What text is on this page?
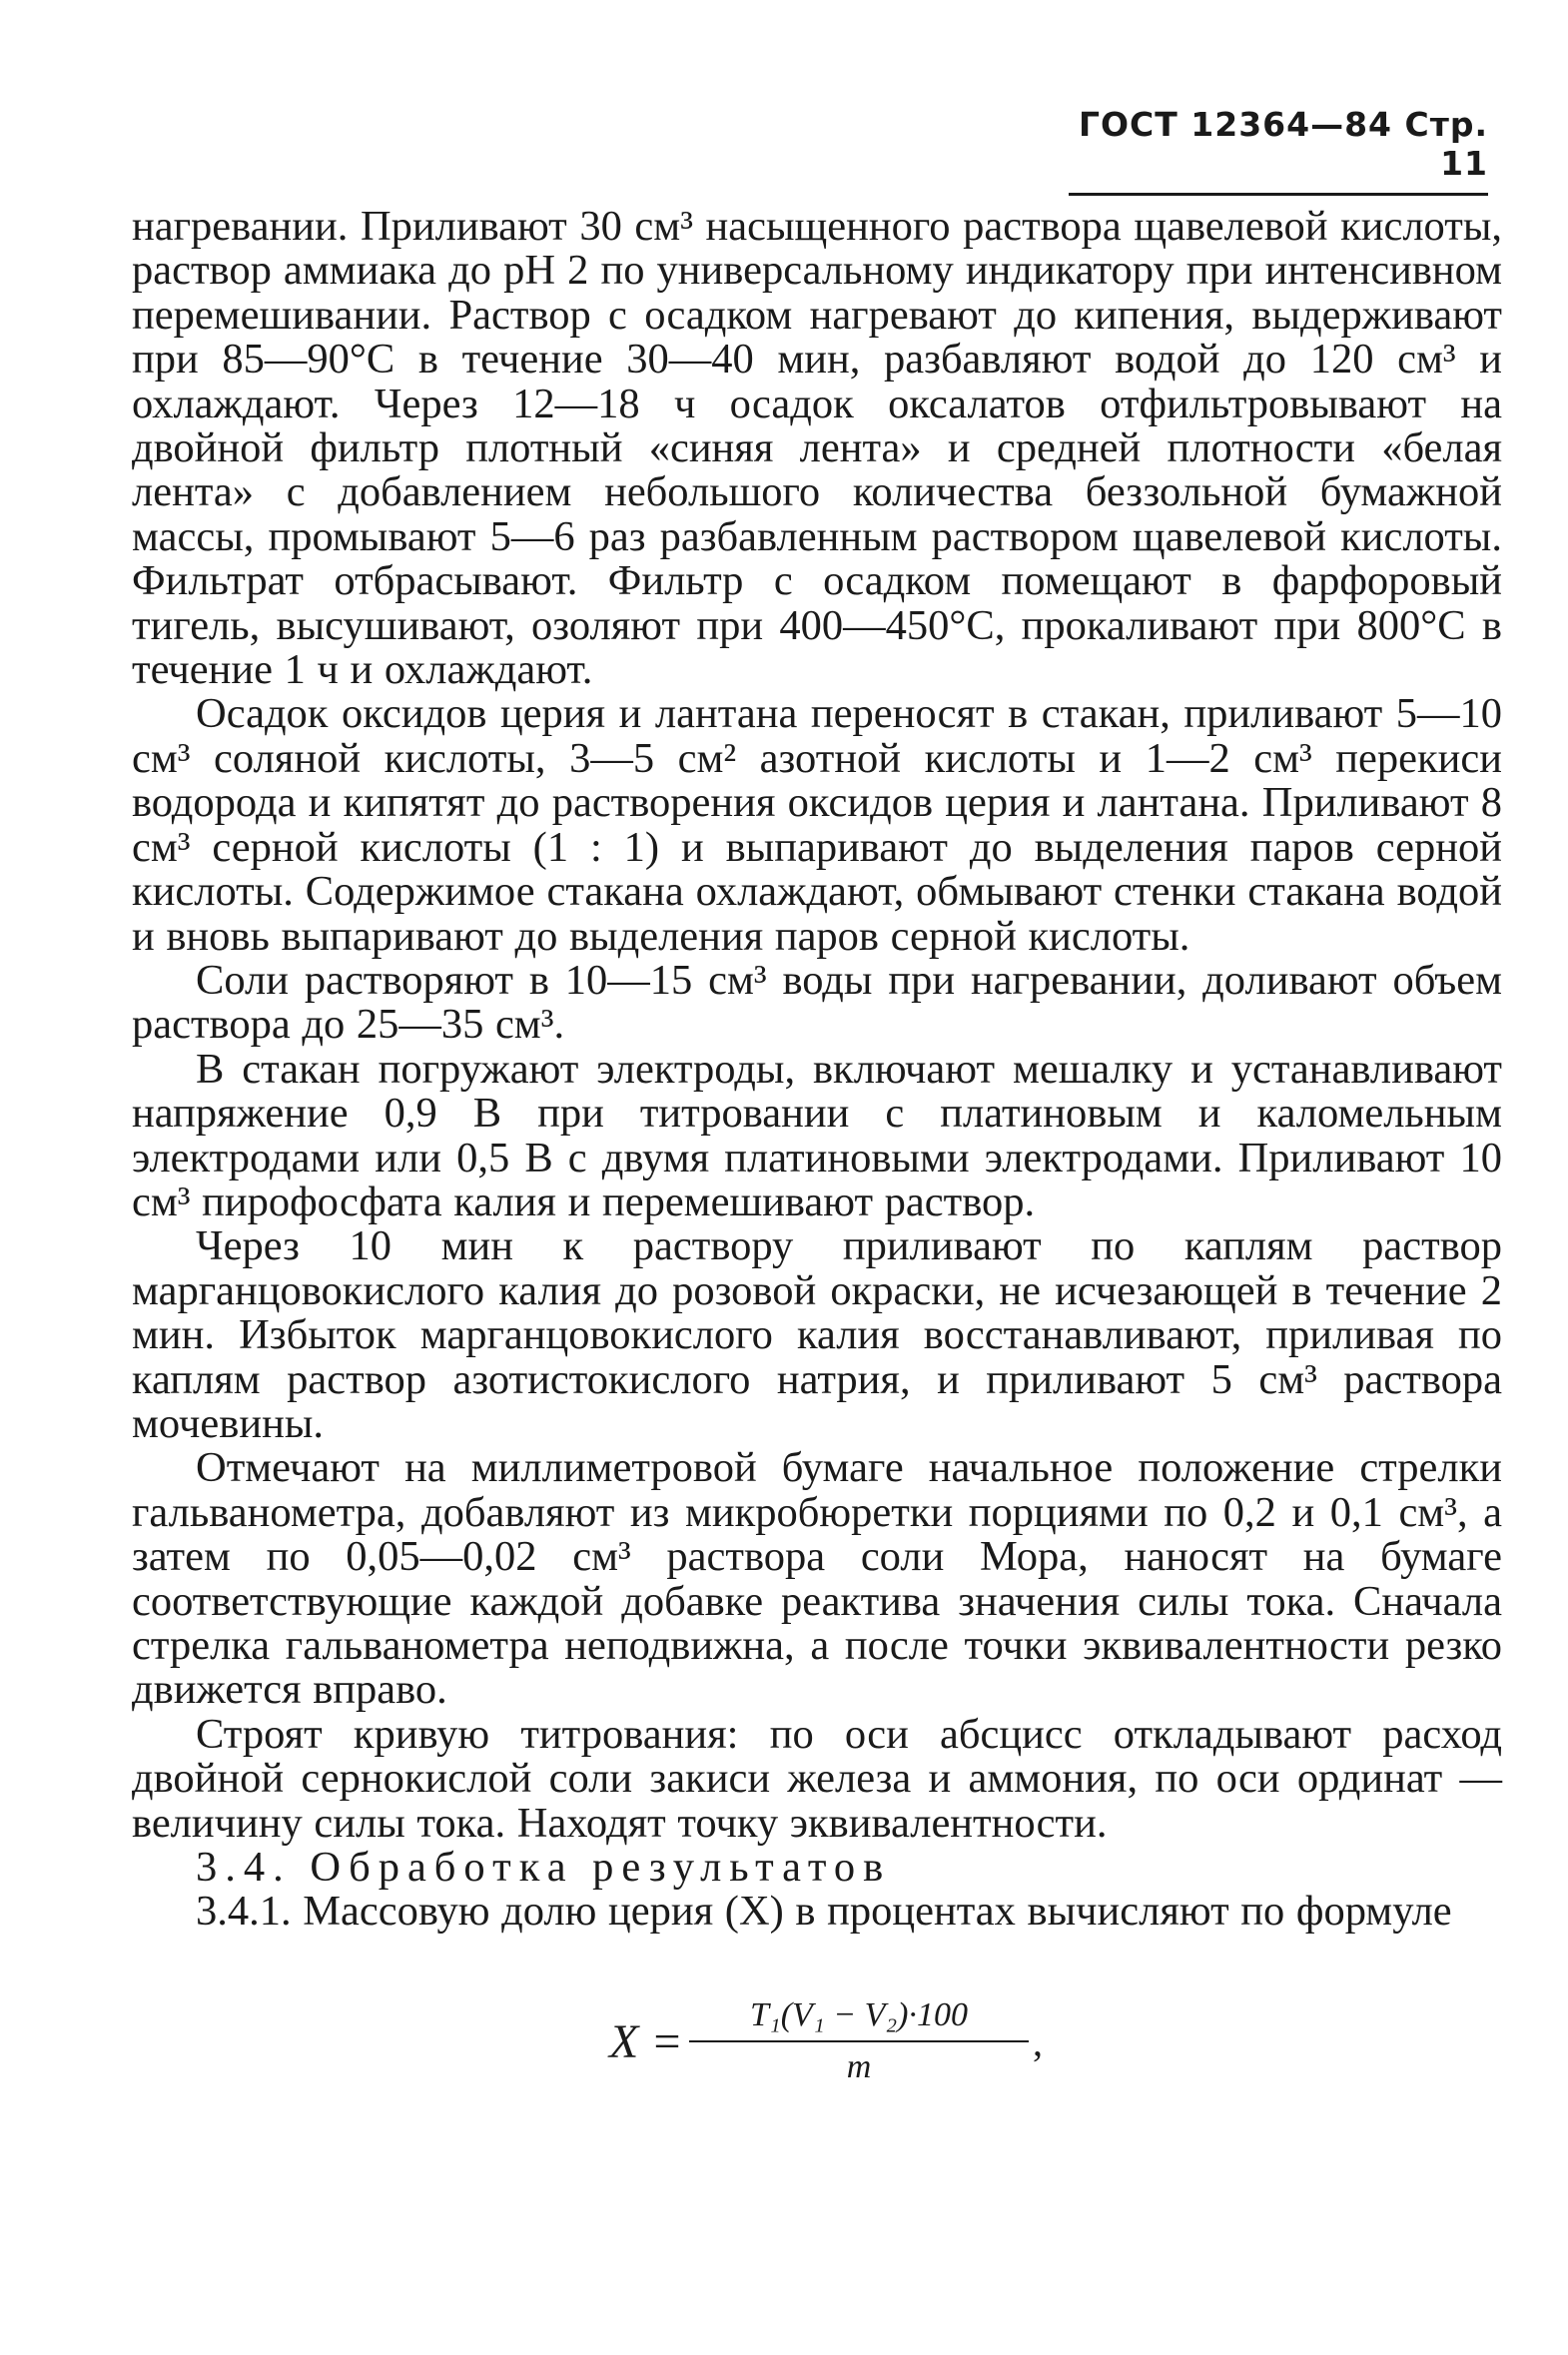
ГОСТ 12364—84 Стр. 11

нагревании. Приливают 30 см³ насыщенного раствора щавелевой кислоты, раствор аммиака до pH 2 по универсальному индикатору при интенсивном перемешивании. Раствор с осадком нагревают до кипения, выдерживают при 85—90°С в течение 30—40 мин, разбавляют водой до 120 см³ и охлаждают. Через 12—18 ч осадок оксалатов отфильтровывают на двойной фильтр плотный «синяя лента» и средней плотности «белая лента» с добавлением небольшого количества беззольной бумажной массы, промывают 5—6 раз разбавленным раствором щавелевой кислоты. Фильтрат отбрасывают. Фильтр с осадком помещают в фарфоровый тигель, высушивают, озоляют при 400—450°С, прокаливают при 800°С в течение 1 ч и охлаждают.

Осадок оксидов церия и лантана переносят в стакан, приливают 5—10 см³ соляной кислоты, 3—5 см² азотной кислоты и 1—2 см³ перекиси водорода и кипятят до растворения оксидов церия и лантана. Приливают 8 см³ серной кислоты (1 : 1) и выпаривают до выделения паров серной кислоты. Содержимое стакана охлаждают, обмывают стенки стакана водой и вновь выпаривают до выделения паров серной кислоты.

Соли растворяют в 10—15 см³ воды при нагревании, доливают объем раствора до 25—35 см³.

В стакан погружают электроды, включают мешалку и устанавливают напряжение 0,9 В при титровании с платиновым и каломельным электродами или 0,5 В с двумя платиновыми электродами. Приливают 10 см³ пирофосфата калия и перемешивают раствор.

Через 10 мин к раствору приливают по каплям раствор марганцовокислого калия до розовой окраски, не исчезающей в течение 2 мин. Избыток марганцовокислого калия восстанавливают, приливая по каплям раствор азотистокислого натрия, и приливают 5 см³ раствора мочевины.

Отмечают на миллиметровой бумаге начальное положение стрелки гальванометра, добавляют из микробюретки порциями по 0,2 и 0,1 см³, а затем по 0,05—0,02 см³ раствора соли Мора, наносят на бумаге соответствующие каждой добавке реактива значения силы тока. Сначала стрелка гальванометра неподвижна, а после точки эквивалентности резко движется вправо.

Строят кривую титрования: по оси абсцисс откладывают расход двойной сернокислой соли закиси железа и аммония, по оси ординат — величину силы тока. Находят точку эквивалентности.

3.4. Обработка результатов

3.4.1. Массовую долю церия (X) в процентах вычисляют по формуле

$X = \frac{\text{T₁(V₁ − V₂)·100}}{m}$ ,
